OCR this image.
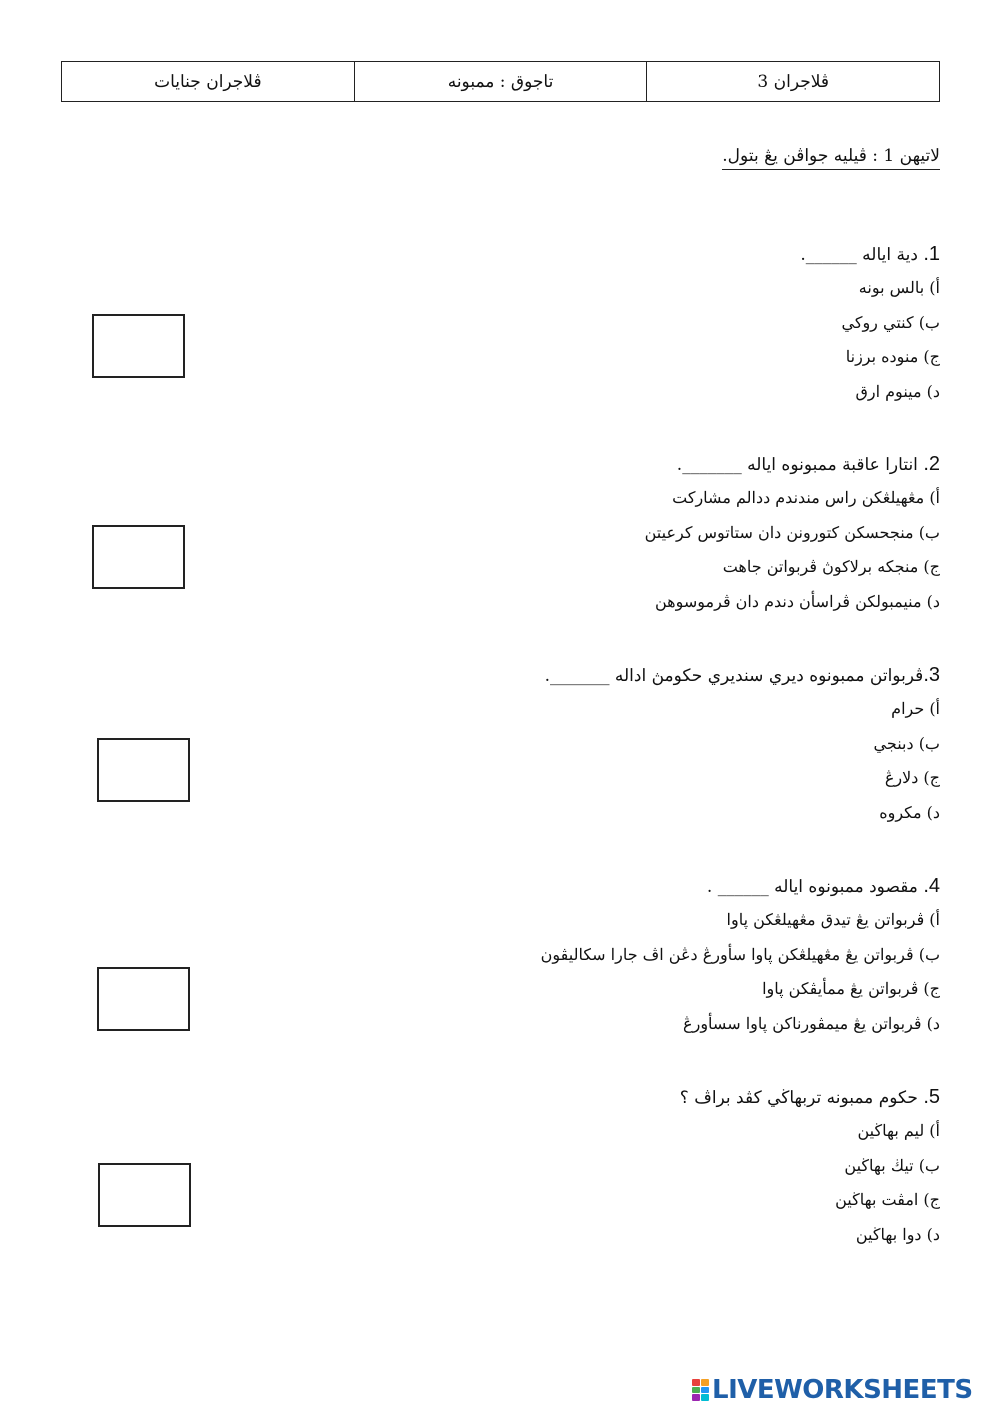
ڤلاجران جنايات	تاجوق : ممبونه	ڤلاجران 3
لاتيهن 1 : ڤيليه جواڤن يڠ بتول.
1. دية اياله ______.
أ) بالس بونه
ب) کنتي روکي
ج) منوده برزنا
د) مينوم ارق
2. انتارا عاقبة ممبونوه اياله _______.
أ) مڠهيلڠکن راس مندندم ددالم مشارکت
ب) منجحسکن کتورونن دان ستاتوس کرعيتن
ج) منجکه برلاکوڽ ڤربواتن جاهت
د) منيمبولکن ڤراسأن دندم دان ڤرموسوهن
3.ڤربواتن ممبونوه ديري سنديري حکومڽ اداله _______.
أ) حرام
ب) دبنجي
ج) دلارڠ
د) مکروه
4. مقصود ممبونوه اياله ______ .
أ) ڤربواتن يڠ تيدق مڠهيلڠکن ڽاوا
ب) ڤربواتن يڠ مڠهيلڠکن ڽاوا سأورڠ دڠن اڤ جارا سکاليڤون
ج) ڤربواتن يڠ ممأيڤکن ڽاوا
د) ڤربواتن يڠ ميمڤورناکن ڽاوا سسأورڠ
5. حکوم ممبونه تربهاڬي کڤد براڤ ؟
أ) ليم بهاڬين
ب) تيڬ بهاڬين
ج) امڤت بهاڬين
د) دوا بهاڬين
LIVEWORKSHEETS
